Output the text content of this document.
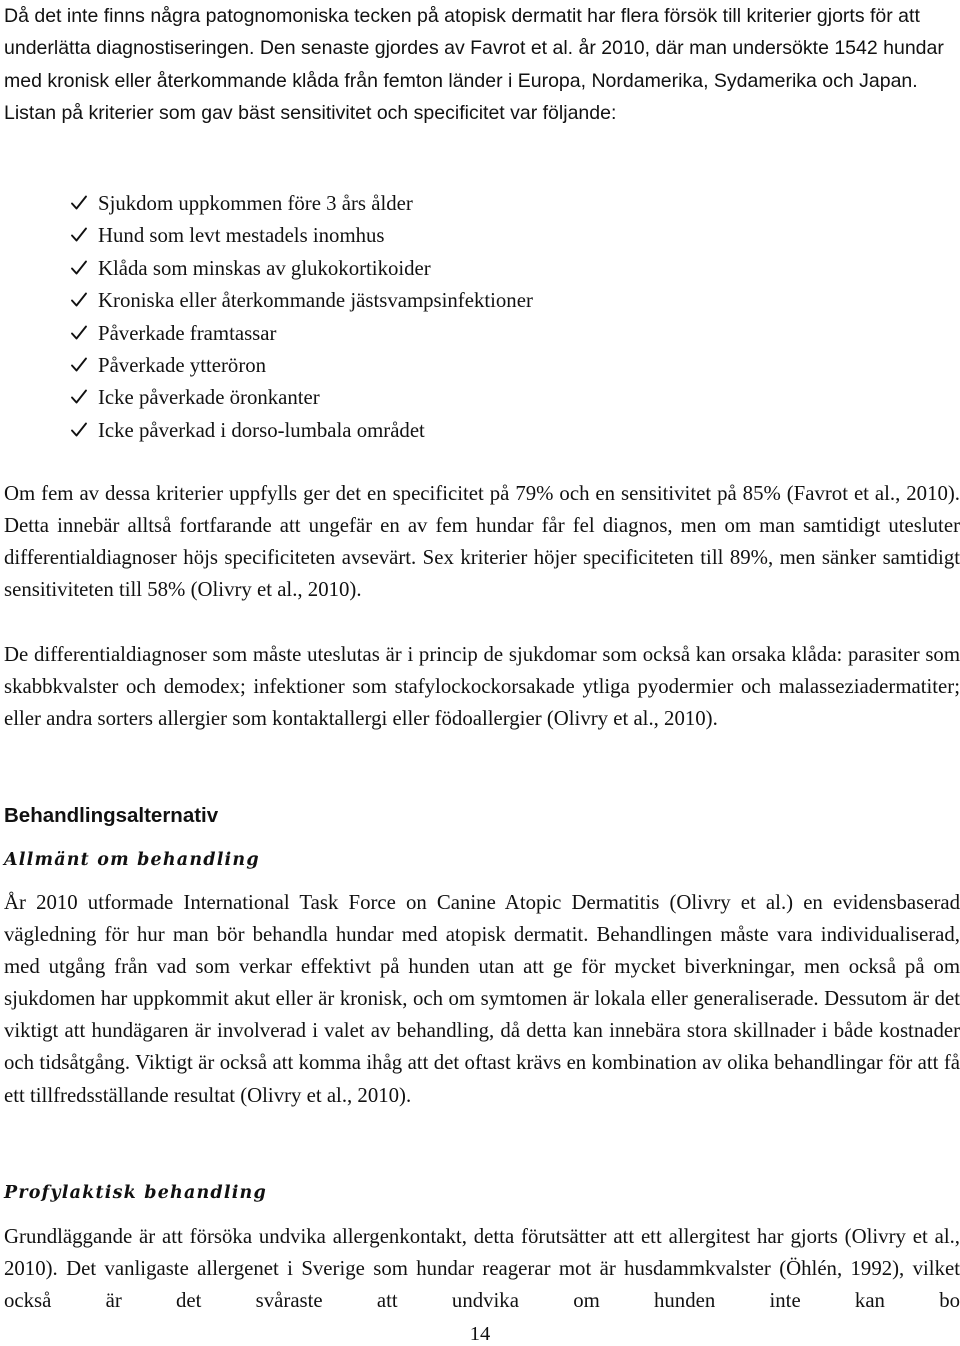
Då det inte finns några patognomoniska tecken på atopisk dermatit har flera försök till kriterier gjorts för att underlätta diagnostiseringen. Den senaste gjordes av Favrot et al. år 2010, där man undersökte 1542 hundar med kronisk eller återkommande klåda från femton länder i Europa, Nordamerika, Sydamerika och Japan. Listan på kriterier som gav bäst sensitivitet och specificitet var följande:

Sjukdom uppkommen före 3 års ålder
Hund som levt mestadels inomhus
Klåda som minskas av glukokortikoider
Kroniska eller återkommande jästsvampsinfektioner
Påverkade framtassar
Påverkade ytteröron
Icke påverkade öronkanter
Icke påverkad i dorso-lumbala området

Om fem av dessa kriterier uppfylls ger det en specificitet på 79% och en sensitivitet på 85% (Favrot et al., 2010). Detta innebär alltså fortfarande att ungefär en av fem hundar får fel diagnos, men om man samtidigt utesluter differentialdiagnoser höjs specificiteten avsevärt. Sex kriterier höjer specificiteten till 89%, men sänker samtidigt sensitiviteten till 58% (Olivry et al., 2010).

De differentialdiagnoser som måste uteslutas är i princip de sjukdomar som också kan orsaka klåda: parasiter som skabbkvalster och demodex; infektioner som stafylockockorsakade ytliga pyodermier och malasseziadermatiter; eller andra sorters allergier som kontaktallergi eller födoallergier (Olivry et al., 2010).

Behandlingsalternativ
Allmänt om behandling

År 2010 utformade International Task Force on Canine Atopic Dermatitis (Olivry et al.) en evidensbaserad vägledning för hur man bör behandla hundar med atopisk dermatit. Behandlingen måste vara individualiserad, med utgång från vad som verkar effektivt på hunden utan att ge för mycket biverkningar, men också på om sjukdomen har uppkommit akut eller är kronisk, och om symtomen är lokala eller generaliserade. Dessutom är det viktigt att hundägaren är involverad i valet av behandling, då detta kan innebära stora skillnader i både kostnader och tidsåtgång. Viktigt är också att komma ihåg att det oftast krävs en kombination av olika behandlingar för att få ett tillfredsställande resultat (Olivry et al., 2010).

Profylaktisk behandling

Grundläggande är att försöka undvika allergenkontakt, detta förutsätter att ett allergitest har gjorts (Olivry et al., 2010). Det vanligaste allergenet i Sverige som hundar reagerar mot är husdammkvalster (Öhlén, 1992), vilket också är det svåraste att undvika om hunden inte kan bo

14
